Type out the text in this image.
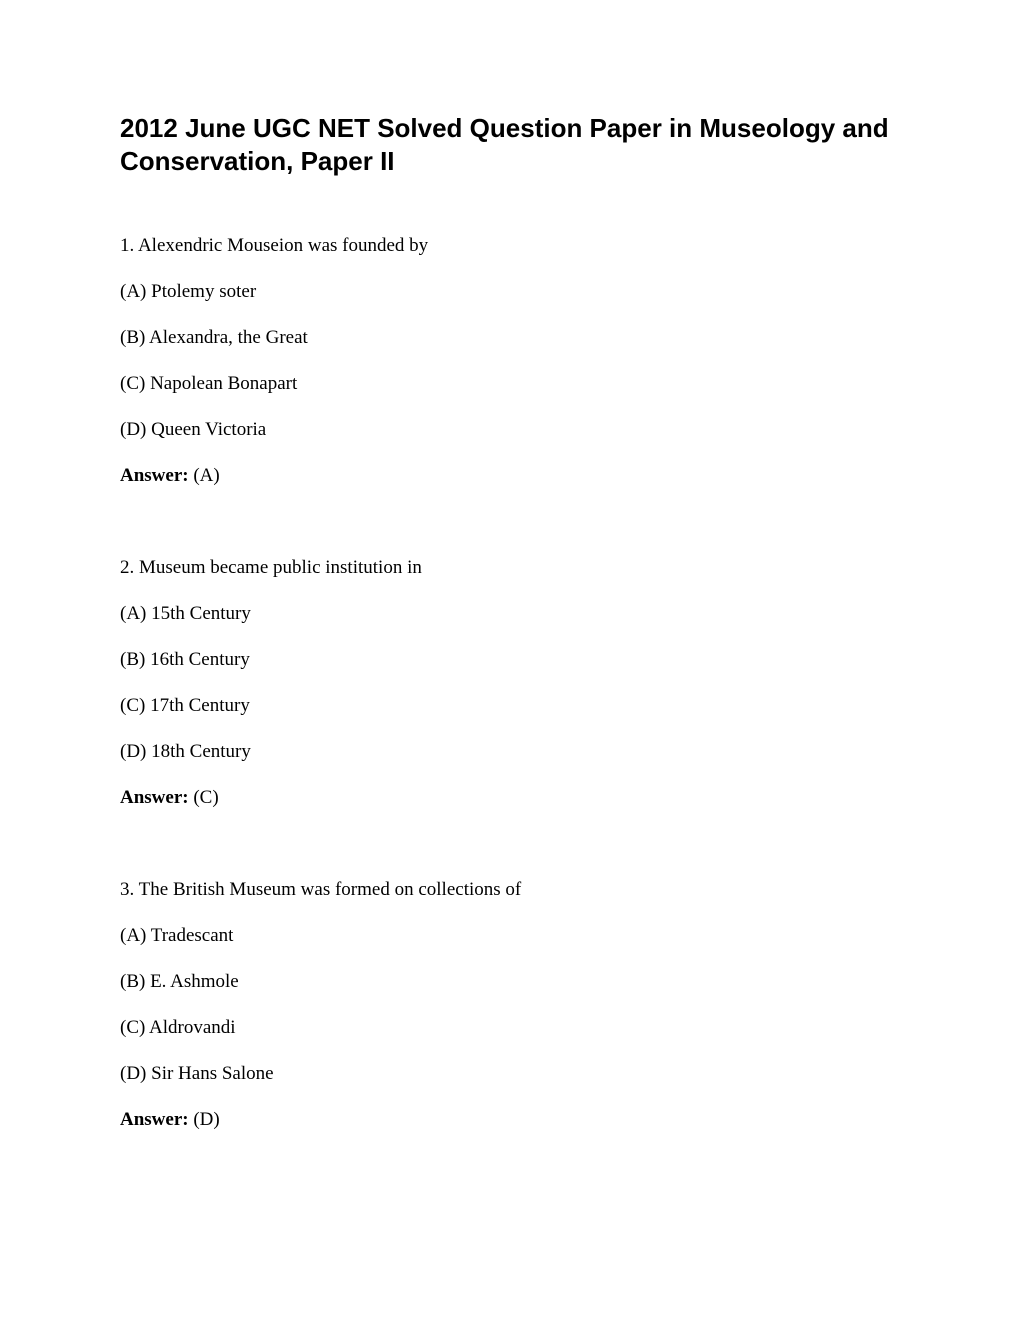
2012 June UGC NET Solved Question Paper in Museology and Conservation, Paper II

1. Alexendric Mouseion was founded by

(A) Ptolemy soter

(B) Alexandra, the Great

(C) Napolean Bonapart

(D) Queen Victoria

Answer: (A)

2. Museum became public institution in

(A) 15th Century

(B) 16th Century

(C) 17th Century

(D) 18th Century

Answer: (C)

3. The British Museum was formed on collections of

(A) Tradescant

(B) E. Ashmole

(C) Aldrovandi

(D) Sir Hans Salone

Answer: (D)
